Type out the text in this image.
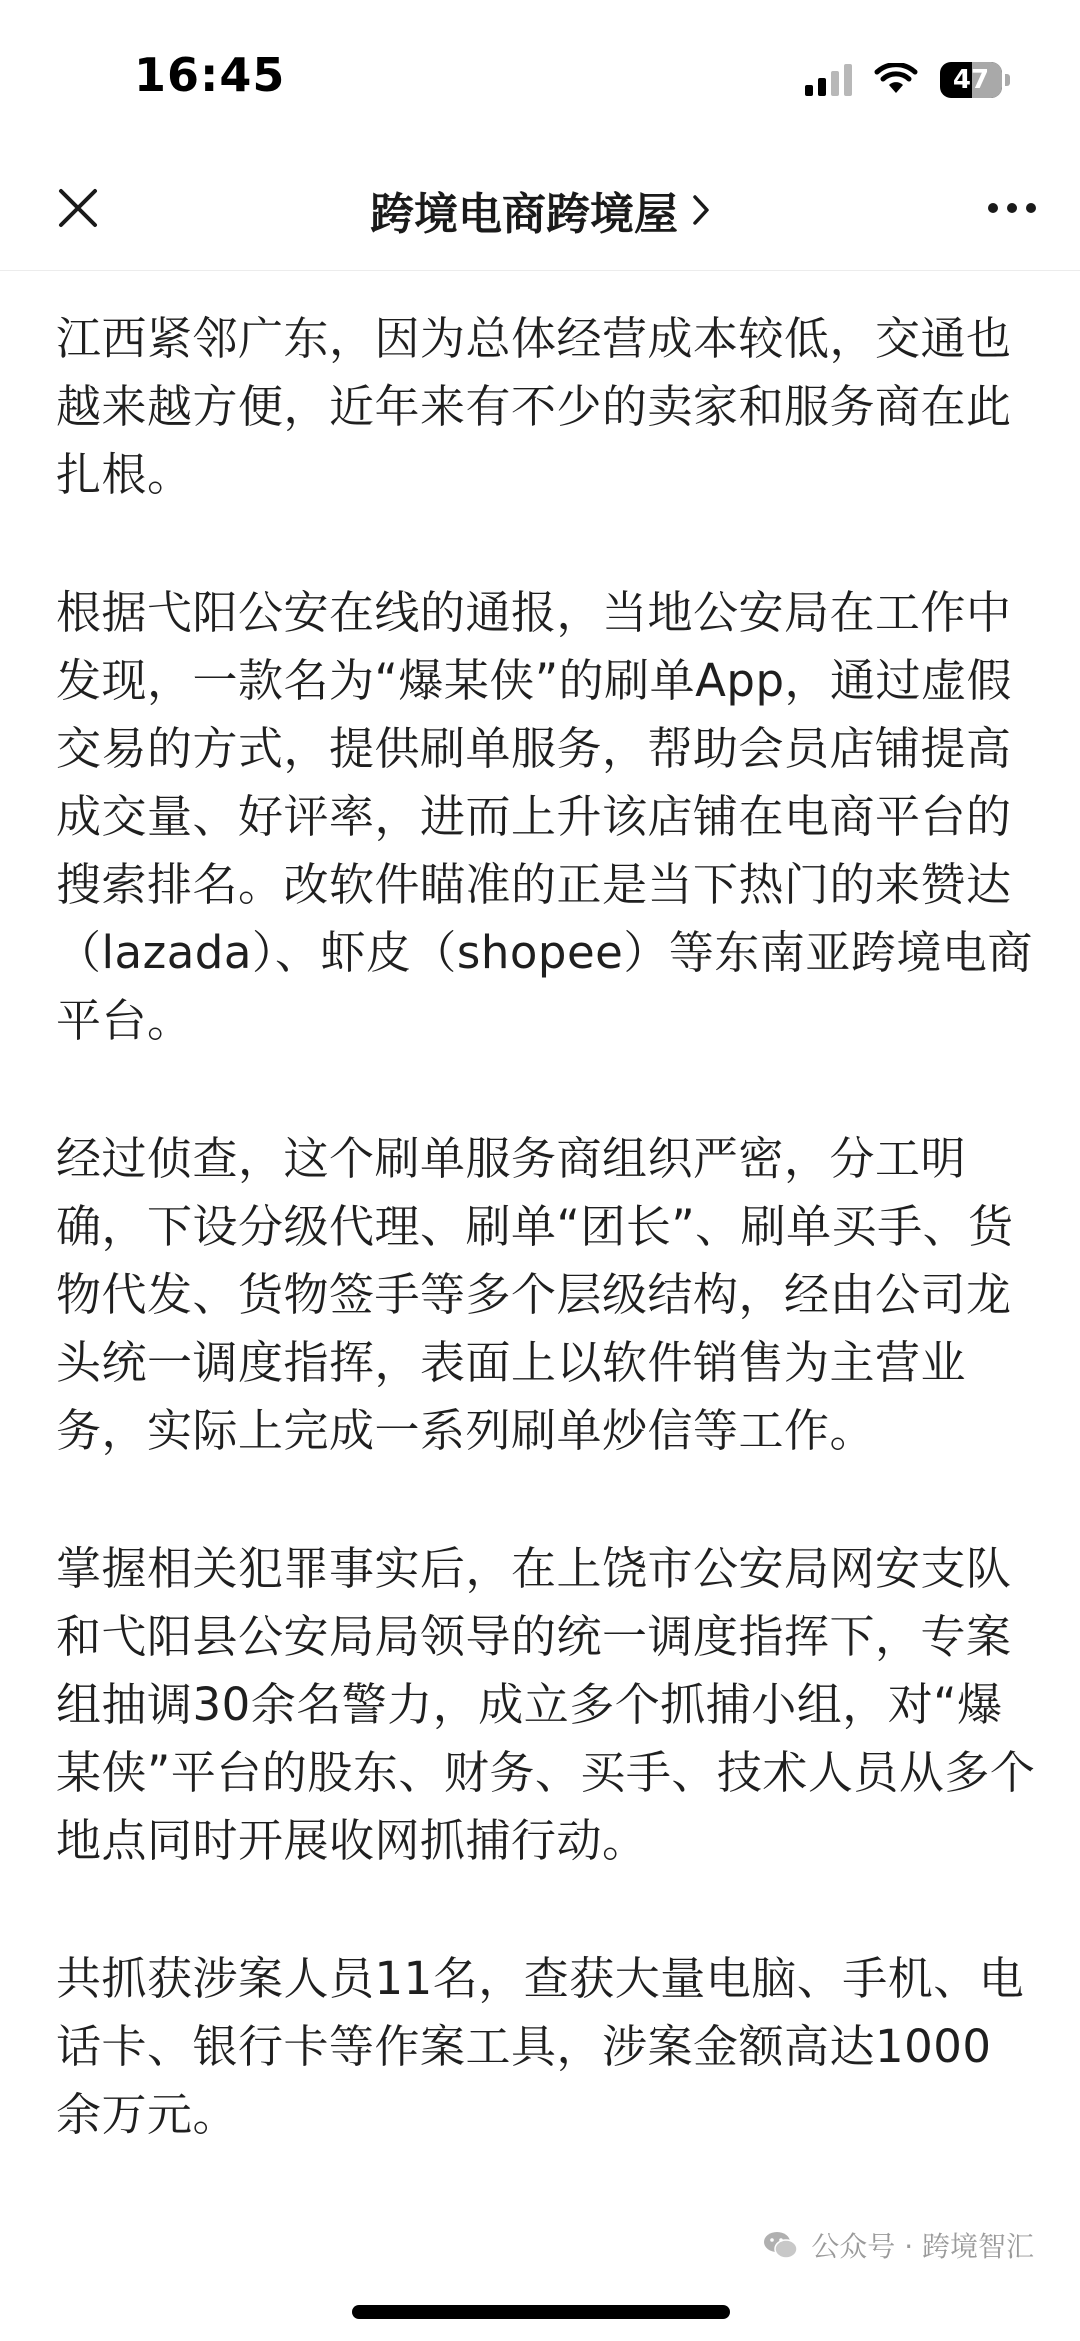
16:45	47
跨境电商跨境屋

江西紧邻广东，因为总体经营成本较低，交通也越来越方便，近年来有不少的卖家和服务商在此扎根。

根据弋阳公安在线的通报，当地公安局在工作中发现，一款名为“爆某侠”的刷单App，通过虚假交易的方式，提供刷单服务，帮助会员店铺提高成交量、好评率，进而上升该店铺在电商平台的搜索排名。改软件瞄准的正是当下热门的来赞达（lazada）、虾皮（shopee）等东南亚跨境电商平台。

经过侦查，这个刷单服务商组织严密，分工明确，下设分级代理、刷单“团长”、刷单买手、货物代发、货物签手等多个层级结构，经由公司龙头统一调度指挥，表面上以软件销售为主营业务，实际上完成一系列刷单炒信等工作。

掌握相关犯罪事实后，在上饶市公安局网安支队和弋阳县公安局局领导的统一调度指挥下，专案组抽调30余名警力，成立多个抓捕小组，对“爆某侠”平台的股东、财务、买手、技术人员从多个地点同时开展收网抓捕行动。

共抓获涉案人员11名，查获大量电脑、手机、电话卡、银行卡等作案工具，涉案金额高达1000余万元。

公众号 · 跨境智汇
